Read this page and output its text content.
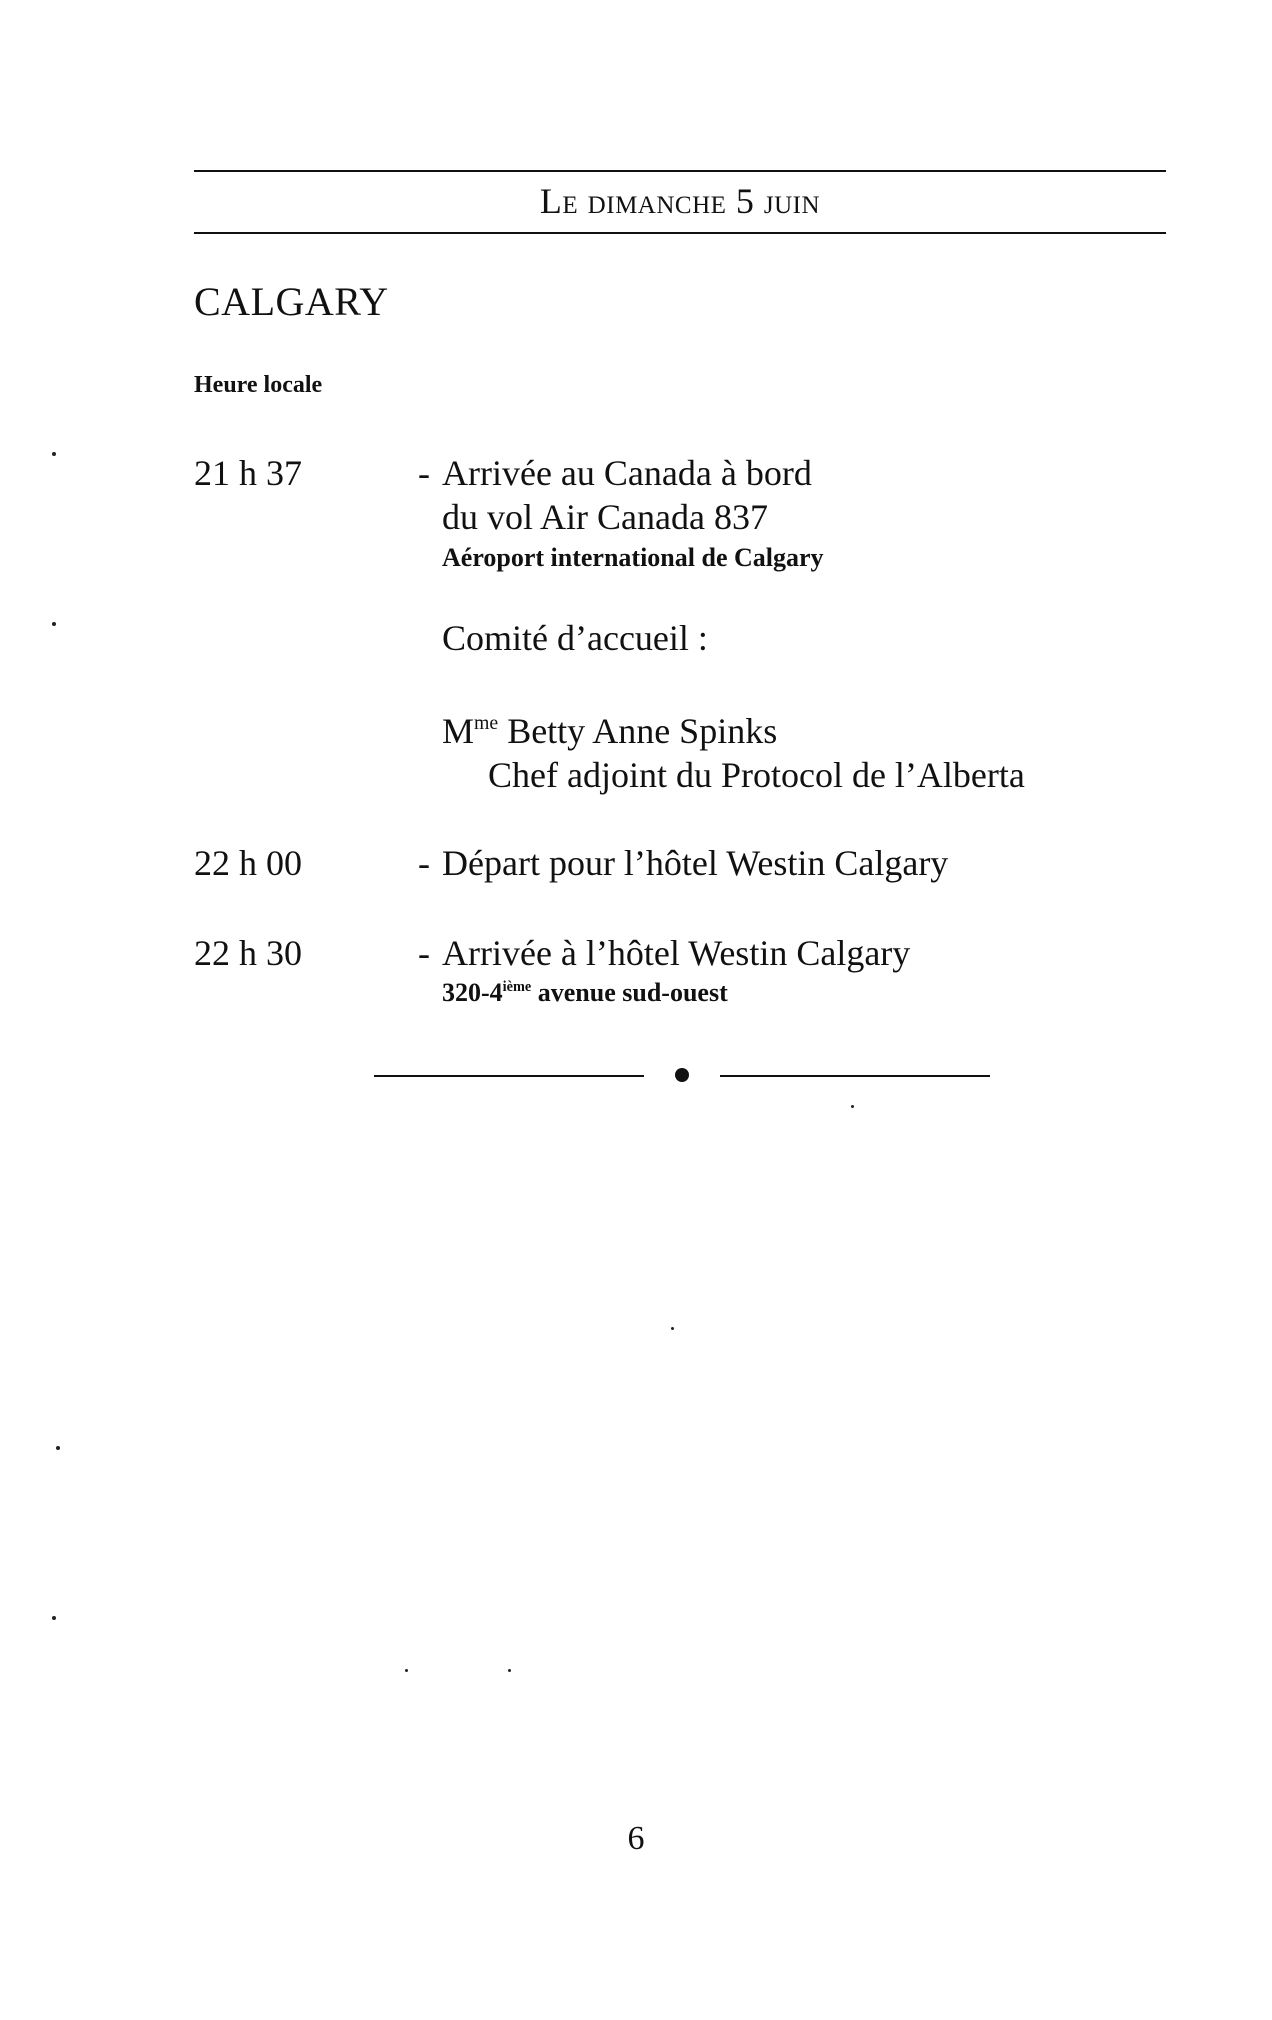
Le dimanche 5 juin
CALGARY
Heure locale
21 h 37	- Arrivée au Canada à bord
du vol Air Canada 837
Aéroport international de Calgary
Comité d’accueil :
$M^{me}$ Betty Anne Spinks
Chef adjoint du Protocol de l’Alberta
22 h 00	- Départ pour l’hôtel Westin Calgary
22 h 30	- Arrivée à l’hôtel Westin Calgary
320-4ième avenue sud-ouest
6
